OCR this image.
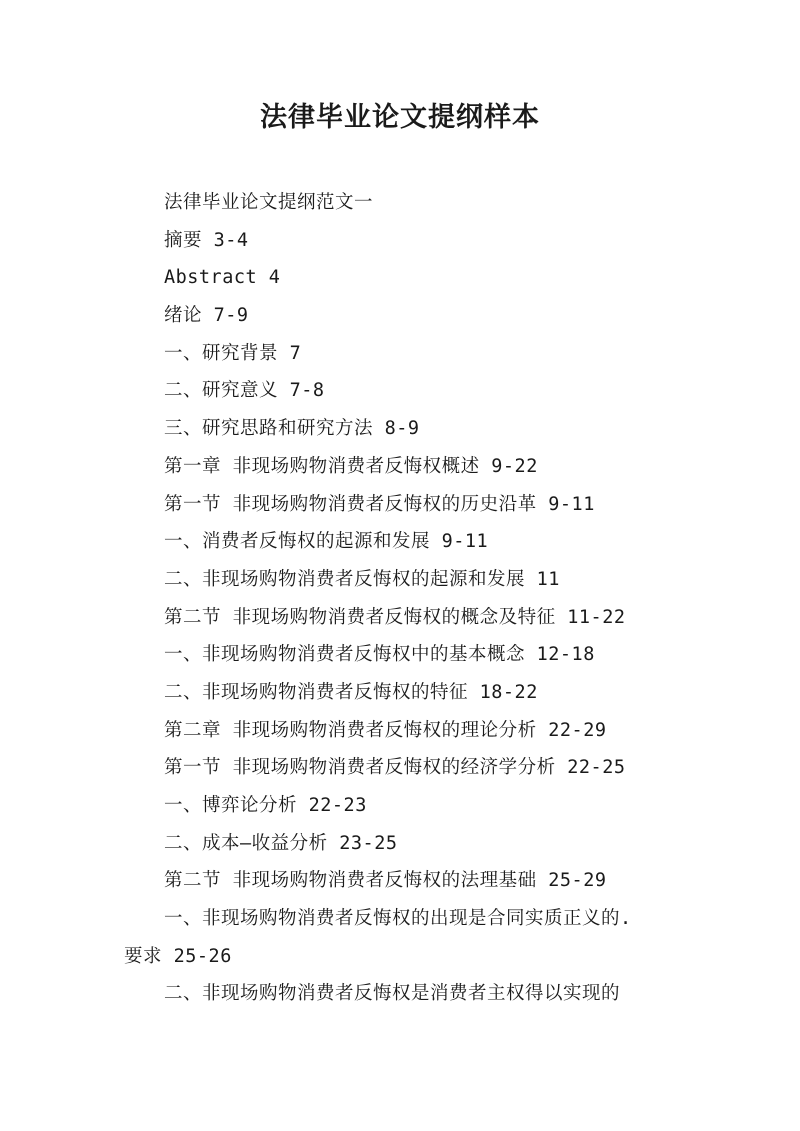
法律毕业论文提纲样本
法律毕业论文提纲范文一
摘要 3-4
Abstract 4
绪论 7-9
一、研究背景 7
二、研究意义 7-8
三、研究思路和研究方法 8-9
第一章 非现场购物消费者反悔权概述 9-22
第一节 非现场购物消费者反悔权的历史沿革 9-11
一、消费者反悔权的起源和发展 9-11
二、非现场购物消费者反悔权的起源和发展 11
第二节 非现场购物消费者反悔权的概念及特征 11-22
一、非现场购物消费者反悔权中的基本概念 12-18
二、非现场购物消费者反悔权的特征 18-22
第二章 非现场购物消费者反悔权的理论分析 22-29
第一节 非现场购物消费者反悔权的经济学分析 22-25
一、博弈论分析 22-23
二、成本—收益分析 23-25
第二节 非现场购物消费者反悔权的法理基础 25-29
一、非现场购物消费者反悔权的出现是合同实质正义的.
要求 25-26
二、非现场购物消费者反悔权是消费者主权得以实现的
